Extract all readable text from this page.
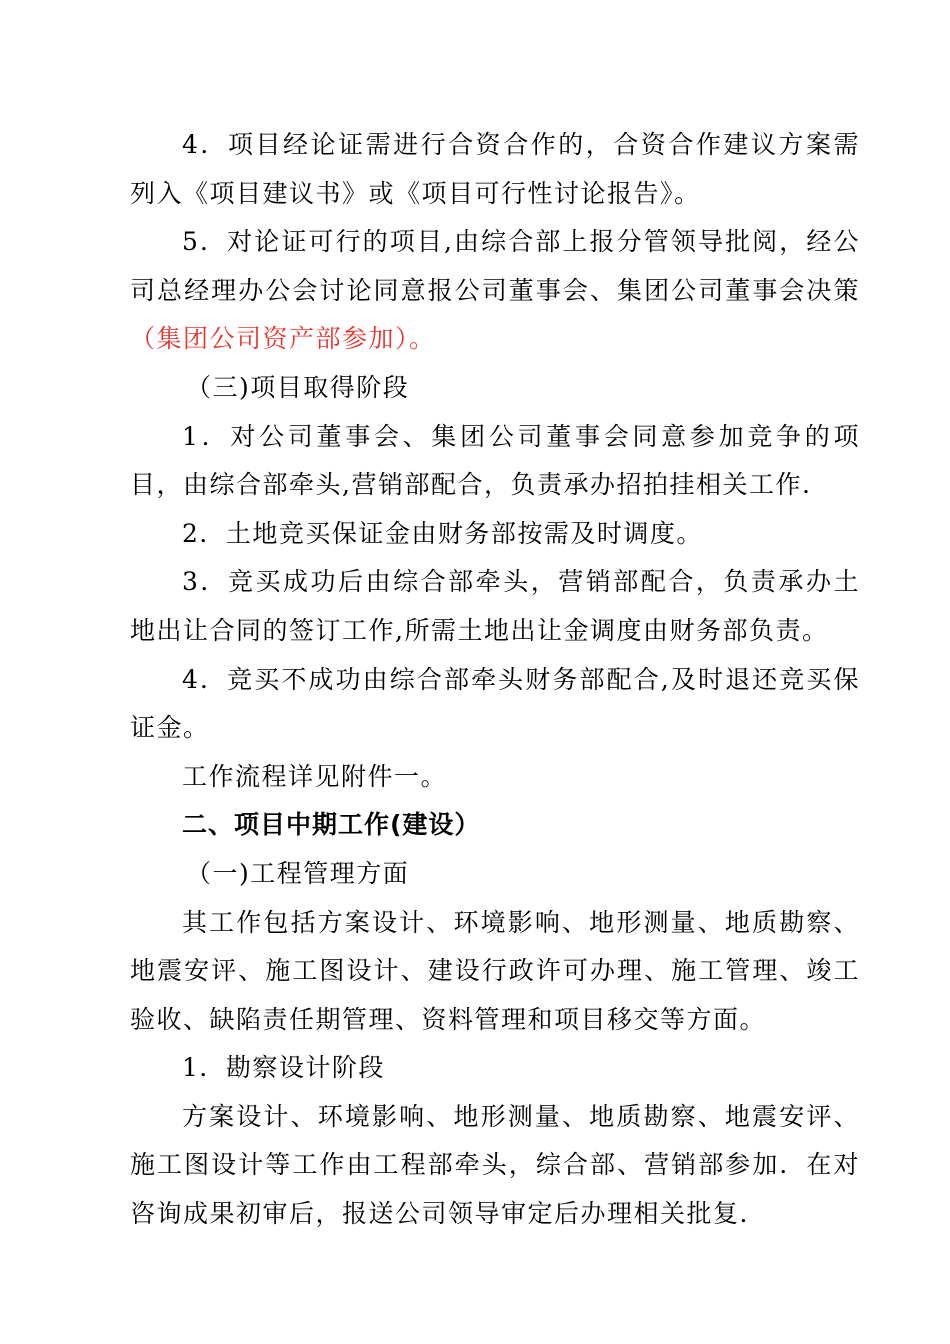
4．项目经论证需进行合资合作的，合资合作建议方案需列入《项目建议书》或《项目可行性讨论报告》。

5．对论证可行的项目,由综合部上报分管领导批阅，经公司总经理办公会讨论同意报公司董事会、集团公司董事会决策（集团公司资产部参加）。

（三)项目取得阶段

1．对公司董事会、集团公司董事会同意参加竞争的项目，由综合部牵头,营销部配合，负责承办招拍挂相关工作.

2．土地竞买保证金由财务部按需及时调度。

3．竞买成功后由综合部牵头，营销部配合，负责承办土地出让合同的签订工作,所需土地出让金调度由财务部负责。

4．竞买不成功由综合部牵头财务部配合,及时退还竞买保证金。

工作流程详见附件一。

二、项目中期工作(建设）

（一)工程管理方面

其工作包括方案设计、环境影响、地形测量、地质勘察、地震安评、施工图设计、建设行政许可办理、施工管理、竣工验收、缺陷责任期管理、资料管理和项目移交等方面。

1．勘察设计阶段

方案设计、环境影响、地形测量、地质勘察、地震安评、施工图设计等工作由工程部牵头，综合部、营销部参加．在对咨询成果初审后，报送公司领导审定后办理相关批复.
